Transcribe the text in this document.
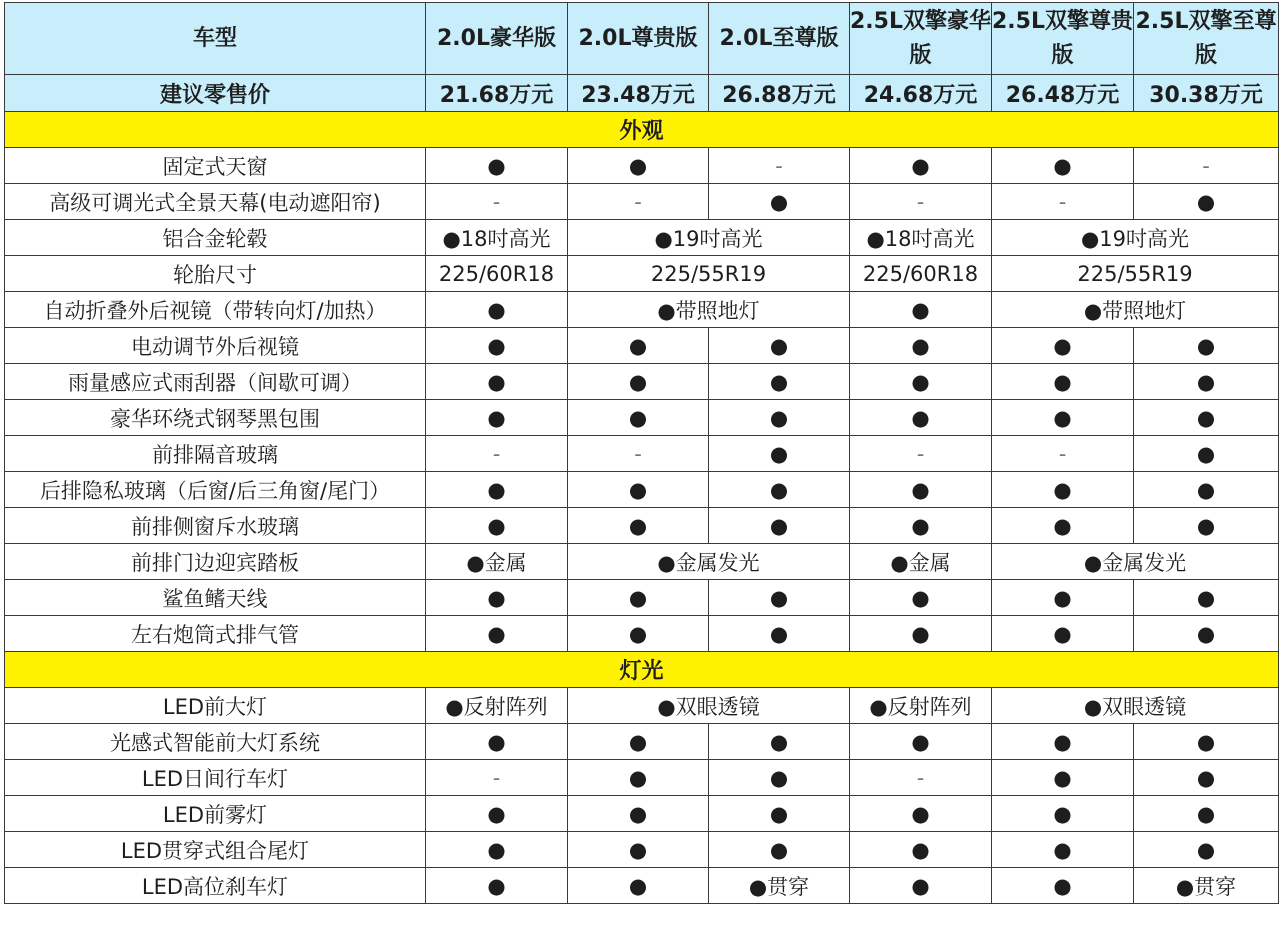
车型	2.0L豪华版	2.0L尊贵版	2.0L至尊版	2.5L双擎豪华版	2.5L双擎尊贵版	2.5L双擎至尊版
建议零售价	21.68万元	23.48万元	26.88万元	24.68万元	26.48万元	30.38万元
外观						
固定式天窗	●	●	-	●	●	-
高级可调光式全景天幕(电动遮阳帘)	-	-	●	-	-	●
铝合金轮毂	●18吋高光	●19吋高光		●18吋高光	●19吋高光	
轮胎尺寸	225/60R18	225/55R19		225/60R18	225/55R19	
自动折叠外后视镜（带转向灯/加热）	●	●带照地灯		●	●带照地灯	
电动调节外后视镜	●	●	●	●	●	●
雨量感应式雨刮器（间歇可调）	●	●	●	●	●	●
豪华环绕式钢琴黑包围	●	●	●	●	●	●
前排隔音玻璃	-	-	●	-	-	●
后排隐私玻璃（后窗/后三角窗/尾门）	●	●	●	●	●	●
前排侧窗斥水玻璃	●	●	●	●	●	●
前排门边迎宾踏板	●金属	●金属发光		●金属	●金属发光	
鲨鱼鳍天线	●	●	●	●	●	●
左右炮筒式排气管	●	●	●	●	●	●
灯光						
LED前大灯	●反射阵列	●双眼透镜		●反射阵列	●双眼透镜	
光感式智能前大灯系统	●	●	●	●	●	●
LED日间行车灯	-	●	●	-	●	●
LED前雾灯	●	●	●	●	●	●
LED贯穿式组合尾灯	●	●	●	●	●	●
LED高位刹车灯	●	●	●贯穿	●	●	●贯穿
